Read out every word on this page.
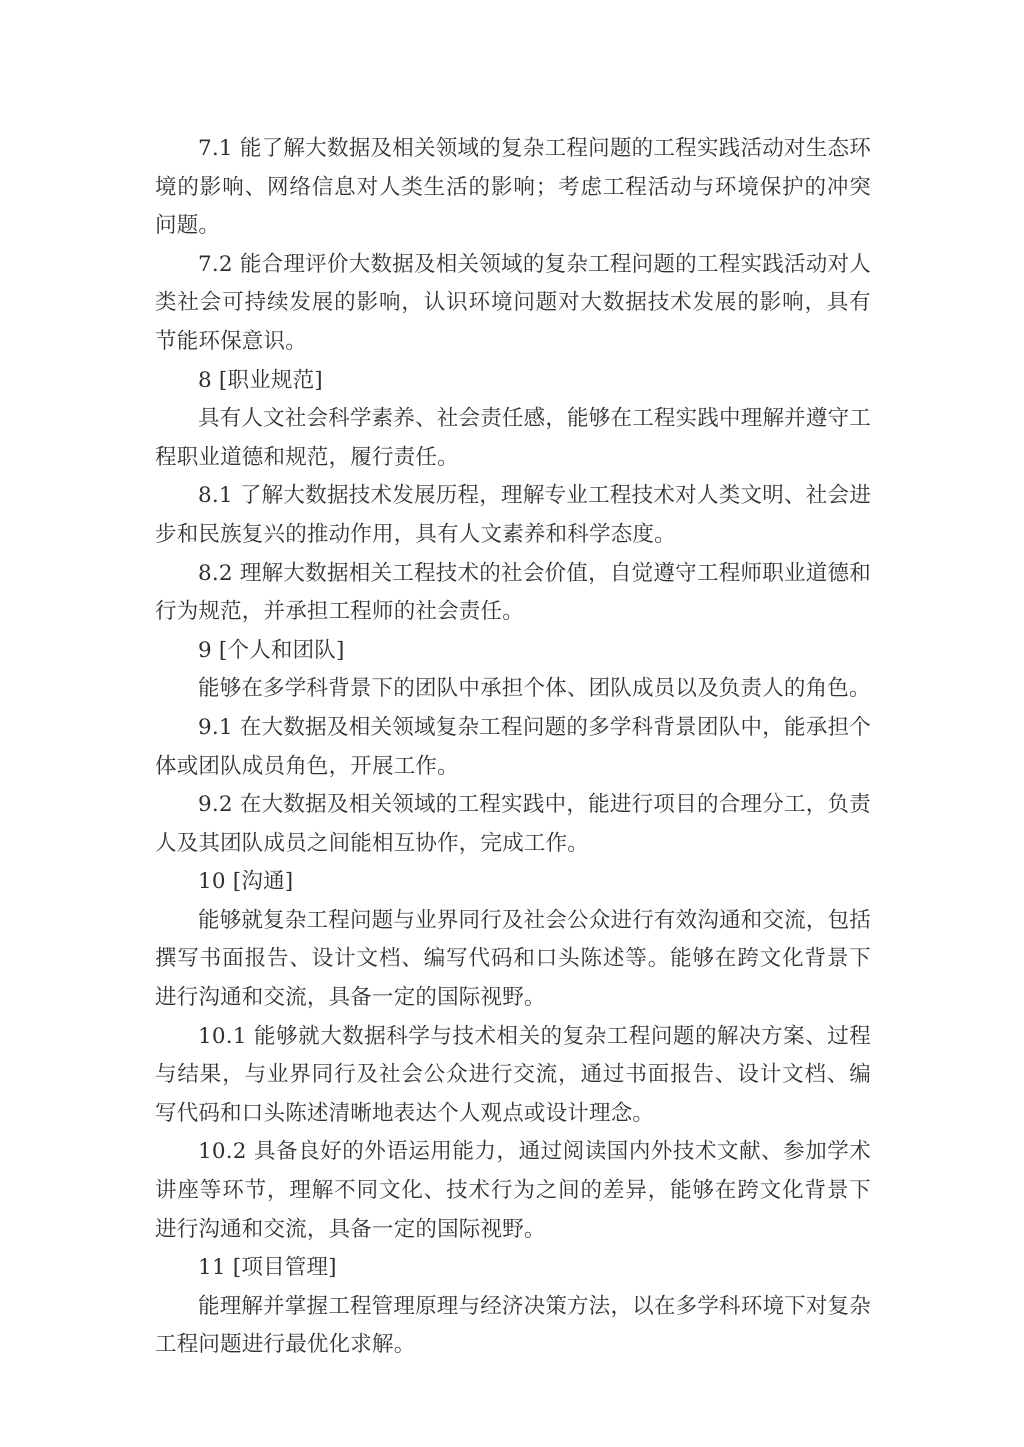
7.1 能了解大数据及相关领域的复杂工程问题的工程实践活动对生态环境的影响、网络信息对人类生活的影响；考虑工程活动与环境保护的冲突问题。

7.2 能合理评价大数据及相关领域的复杂工程问题的工程实践活动对人类社会可持续发展的影响，认识环境问题对大数据技术发展的影响，具有节能环保意识。

8 [职业规范]

具有人文社会科学素养、社会责任感，能够在工程实践中理解并遵守工程职业道德和规范，履行责任。

8.1 了解大数据技术发展历程，理解专业工程技术对人类文明、社会进步和民族复兴的推动作用，具有人文素养和科学态度。

8.2 理解大数据相关工程技术的社会价值，自觉遵守工程师职业道德和行为规范，并承担工程师的社会责任。

9 [个人和团队]

能够在多学科背景下的团队中承担个体、团队成员以及负责人的角色。

9.1 在大数据及相关领域复杂工程问题的多学科背景团队中，能承担个体或团队成员角色，开展工作。

9.2 在大数据及相关领域的工程实践中，能进行项目的合理分工，负责人及其团队成员之间能相互协作，完成工作。

10 [沟通]

能够就复杂工程问题与业界同行及社会公众进行有效沟通和交流，包括撰写书面报告、设计文档、编写代码和口头陈述等。能够在跨文化背景下进行沟通和交流，具备一定的国际视野。

10.1 能够就大数据科学与技术相关的复杂工程问题的解决方案、过程与结果，与业界同行及社会公众进行交流，通过书面报告、设计文档、编写代码和口头陈述清晰地表达个人观点或设计理念。

10.2 具备良好的外语运用能力，通过阅读国内外技术文献、参加学术讲座等环节，理解不同文化、技术行为之间的差异，能够在跨文化背景下进行沟通和交流，具备一定的国际视野。

11 [项目管理]

能理解并掌握工程管理原理与经济决策方法，以在多学科环境下对复杂工程问题进行最优化求解。
